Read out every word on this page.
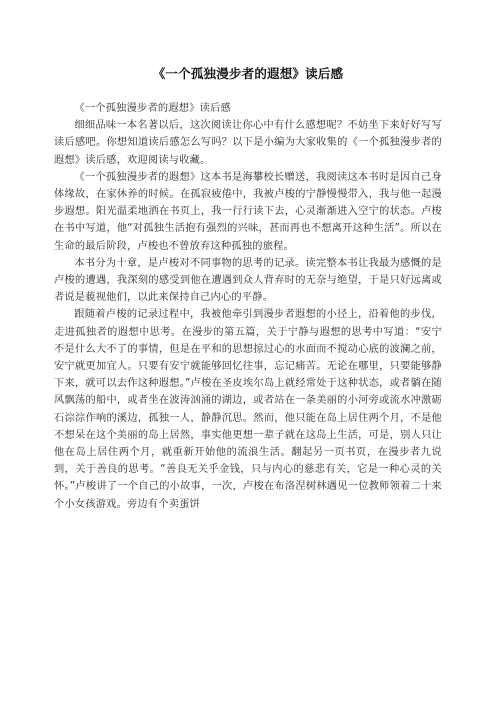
《一个孤独漫步者的遐想》读后感

《一个孤独漫步者的遐想》读后感

细细品味一本名著以后，这次阅读让你心中有什么感想呢？不妨坐下来好好写写读后感吧。你想知道读后感怎么写吗？以下是小编为大家收集的《一个孤独漫步者的遐想》读后感，欢迎阅读与收藏。

《一个孤独漫步者的遐想》这本书是海攀校长赠送，我阅读这本书时是因自己身体缘故，在家休养的时候。在孤寂疲倦中，我被卢梭的宁静慢慢带入，我与他一起漫步遐想。阳光温柔地洒在书页上，我一行行读下去，心灵渐渐进入空宁的状态。卢梭在书中写道，他“对孤独生活抱有强烈的兴味，甚而再也不想离开这种生活”。所以在生命的最后阶段，卢梭也不曾放弃这种孤独的旅程。

本书分为十章，是卢梭对不同事物的思考的记录。读完整本书让我最为感慨的是卢梭的遭遇，我深刻的感受到他在遭遇到众人背弃时的无奈与绝望，于是只好远离或者说是藐视他们，以此来保持自己内心的平静。

跟随着卢梭的记录过程中，我被他牵引到漫步者遐想的小径上，沿着他的步伐，走进孤独者的遐想中思考。在漫步的第五篇，关于宁静与遐想的思考中写道：“安宁不是什么大不了的事情，但是在平和的思想掠过心的水面而不搅动心底的波澜之前，安宁就更加宜人。只要有安宁就能够回忆往事，忘记痛苦。无论在哪里，只要能够静下来，就可以去作这种遐想。”卢梭在圣皮埃尔岛上就经常处于这种状态，或者躺在随风飘荡的船中，或者坐在波涛汹涌的湖边，或者站在一条美丽的小河旁或流水冲激砺石淙淙作响的溪边，孤独一人，静静沉思。然而，他只能在岛上居住两个月，不是他不想呆在这个美丽的岛上居然，事实他更想一辈子就在这岛上生活，可是，别人只让他在岛上居住两个月，就重新开始他的流浪生活。翻起另一页书页，在漫步者九说到，关于善良的思考。“善良无关乎金钱，只与内心的慈悲有关，它是一种心灵的关怀。”卢梭讲了一个自己的小故事，一次，卢梭在布洛涅树林遇见一位教师领着二十来个小女孩游戏。旁边有个卖蛋饼
